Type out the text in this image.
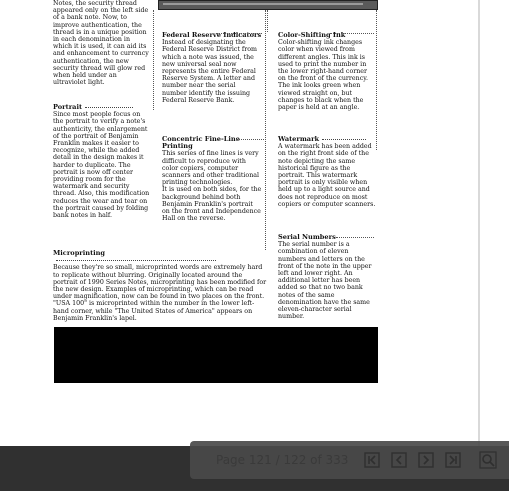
Notes, the security thread appeared only on the left side of a bank note. Now, to improve authentication, the thread is in a unique position in each denomination in which it is used, it can aid its and enhancement to currency authentication, the new security thread will glow red when held under an ultraviolet light.

Portrait

Since most people focus on the portrait to verify a note's authenticity, the enlargement of the portrait of Benjamin Franklin makes it easier to recognize, while the added detail in the design makes it harder to duplicate. The portrait is now off center providing room for the watermark and security thread. Also, this modification reduces the wear and tear on the portrait caused by folding bank notes in half.

Federal Reserve Indicators

Instead of designating the Federal Reserve District from which a note was issued, the new universal seal now represents the entire Federal Reserve System. A letter and number near the serial number identify the issuing Federal Reserve Bank.

Concentric Fine-Line Printing

This series of fine lines is very difficult to reproduce with color copiers, computer scanners and other traditional printing technologies.

It is used on both sides, for the background behind both Benjamin Franklin's portrait on the front and Independence Hall on the reverse.

Color-Shifting Ink

Color-shifting ink changes color when viewed from different angles. This ink is used to print the number in the lower right-hand corner on the front of the currency. The ink looks green when viewed straight on, but changes to black when the paper is held at an angle.

Watermark

A watermark has been added on the right front side of the note depicting the same historical figure as the portrait. This watermark portrait is only visible when held up to a light source and does not reproduce on most copiers or computer scanners.

Serial Numbers

The serial number is a combination of eleven numbers and letters on the front of the note in the upper left and lower right. An additional letter has been added so that no two bank notes of the same denomination have the same eleven-character serial number.

Microprinting

Because they're so small, microprinted words are extremely hard to replicate without blurring. Originally located around the portrait of 1990 Series Notes, microprinting has been modified for the new design. Examples of microprinting, which can be read under magnification, now can be found in two places on the front. "USA 100" is microprinted within the number in the lower left-hand corner, while "The United States of America" appears on Benjamin Franklin's lapel.

Page 121 / 122 of 333
